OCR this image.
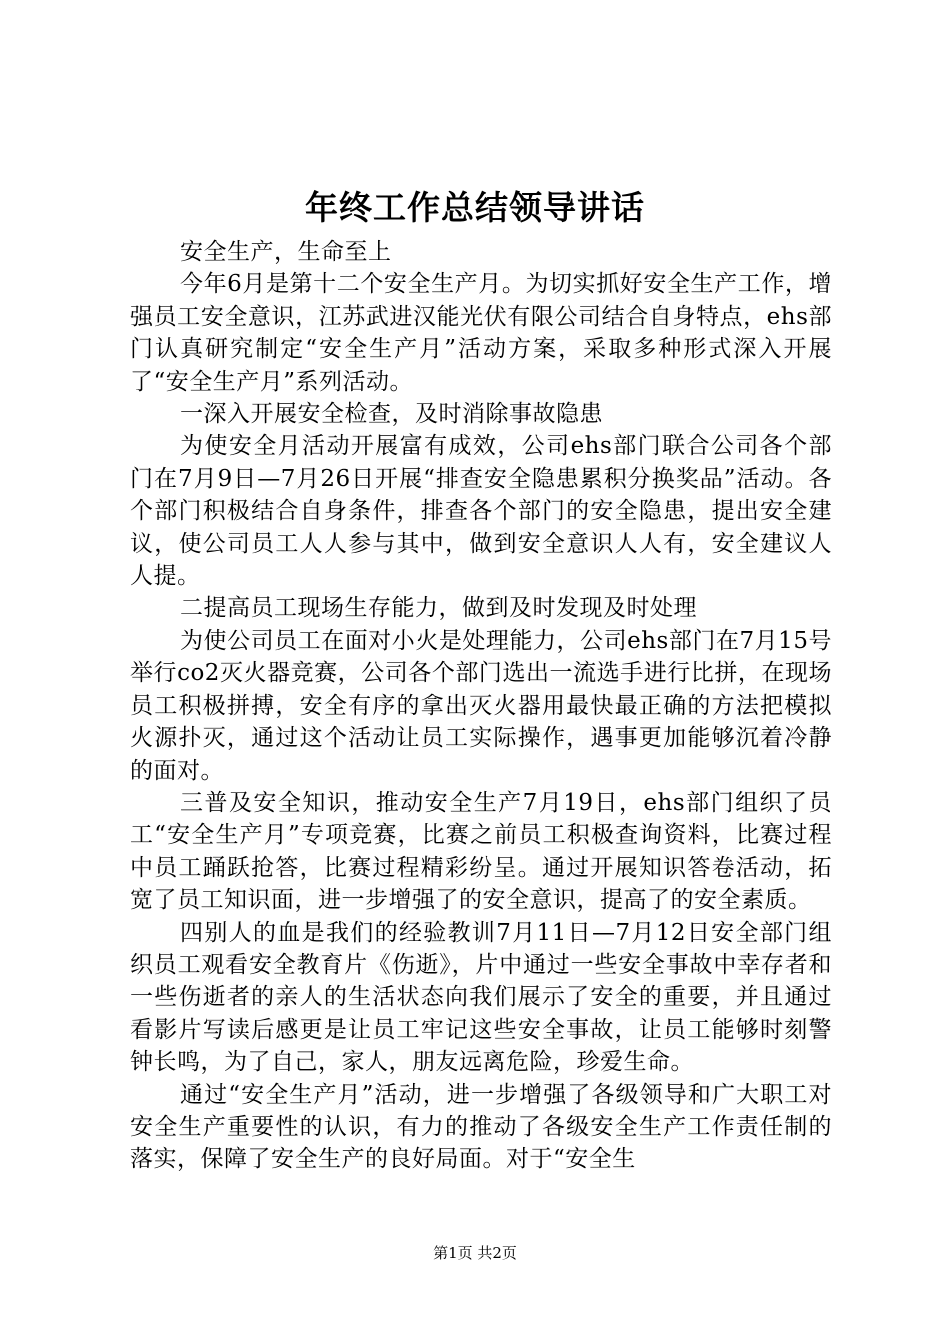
年终工作总结领导讲话

安全生产，生命至上

今年6月是第十二个安全生产月。为切实抓好安全生产工作，增强员工安全意识，江苏武进汉能光伏有限公司结合自身特点，ehs部门认真研究制定“安全生产月”活动方案，采取多种形式深入开展了“安全生产月”系列活动。

一深入开展安全检查，及时消除事故隐患

为使安全月活动开展富有成效，公司ehs部门联合公司各个部门在7月9日—7月26日开展“排查安全隐患累积分换奖品”活动。各个部门积极结合自身条件，排查各个部门的安全隐患，提出安全建议，使公司员工人人参与其中，做到安全意识人人有，安全建议人人提。

二提高员工现场生存能力，做到及时发现及时处理

为使公司员工在面对小火是处理能力，公司ehs部门在7月15号举行co2灭火器竞赛，公司各个部门选出一流选手进行比拼，在现场员工积极拼搏，安全有序的拿出灭火器用最快最正确的方法把模拟火源扑灭，通过这个活动让员工实际操作，遇事更加能够沉着冷静的面对。

三普及安全知识，推动安全生产7月19日，ehs部门组织了员工“安全生产月”专项竞赛，比赛之前员工积极查询资料，比赛过程中员工踊跃抢答，比赛过程精彩纷呈。通过开展知识答卷活动，拓宽了员工知识面，进一步增强了的安全意识，提高了的安全素质。

四别人的血是我们的经验教训7月11日—7月12日安全部门组织员工观看安全教育片《伤逝》，片中通过一些安全事故中幸存者和一些伤逝者的亲人的生活状态向我们展示了安全的重要，并且通过看影片写读后感更是让员工牢记这些安全事故，让员工能够时刻警钟长鸣，为了自己，家人，朋友远离危险，珍爱生命。

通过“安全生产月”活动，进一步增强了各级领导和广大职工对安全生产重要性的认识，有力的推动了各级安全生产工作责任制的落实，保障了安全生产的良好局面。对于“安全生

第1页 共2页
